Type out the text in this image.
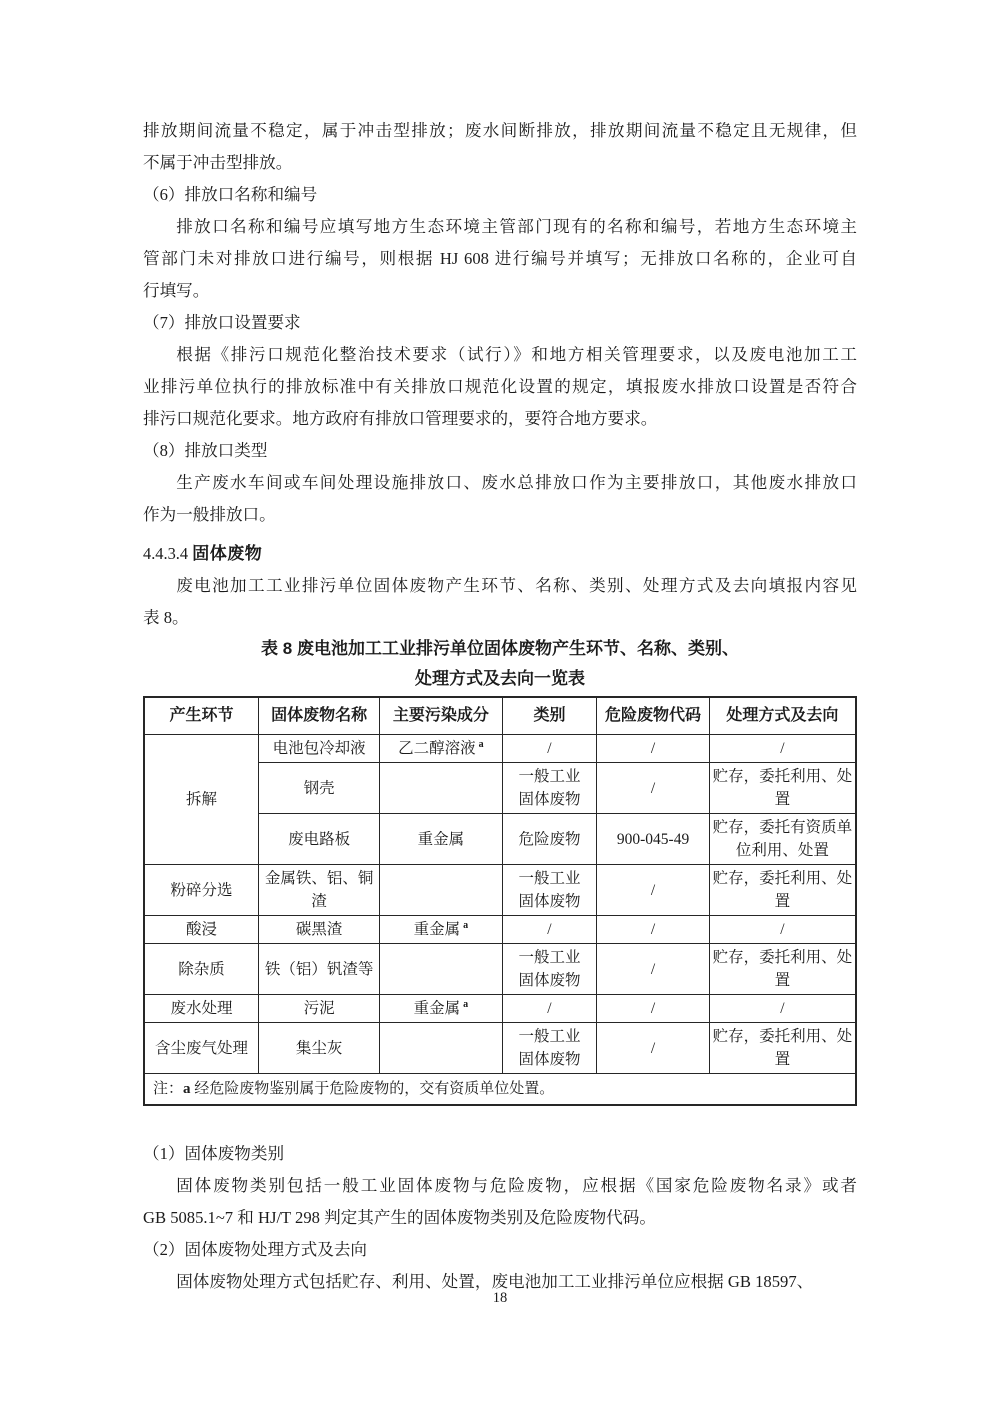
排放期间流量不稳定，属于冲击型排放；废水间断排放，排放期间流量不稳定且无规律，但
不属于冲击型排放。
（6）排放口名称和编号
排放口名称和编号应填写地方生态环境主管部门现有的名称和编号，若地方生态环境主
管部门未对排放口进行编号，则根据 HJ 608 进行编号并填写；无排放口名称的，企业可自
行填写。
（7）排放口设置要求
根据《排污口规范化整治技术要求（试行）》和地方相关管理要求，以及废电池加工工
业排污单位执行的排放标准中有关排放口规范化设置的规定，填报废水排放口设置是否符合
排污口规范化要求。地方政府有排放口管理要求的，要符合地方要求。
（8）排放口类型
生产废水车间或车间处理设施排放口、废水总排放口作为主要排放口，其他废水排放口
作为一般排放口。
4.4.3.4 固体废物
废电池加工工业排污单位固体废物产生环节、名称、类别、处理方式及去向填报内容见
表 8。
表 8 废电池加工工业排污单位固体废物产生环节、名称、类别、
处理方式及去向一览表
产生环节	固体废物名称	主要污染成分	类别	危险废物代码	处理方式及去向
拆解	电池包冷却液	乙二醇溶液 $^a$	/	/	/
	钢壳		一般工业固体废物	/	贮存，委托利用、处置
	废电路板	重金属	危险废物	900-045-49	贮存，委托有资质单位利用、处置
粉碎分选	金属铁、铝、铜渣		一般工业固体废物	/	贮存，委托利用、处置
酸浸	碳黑渣	重金属 $^a$	/	/	/
除杂质	铁（铝）钒渣等		一般工业固体废物	/	贮存，委托利用、处置
废水处理	污泥	重金属 $^a$	/	/	/
含尘废气处理	集尘灰		一般工业固体废物	/	贮存，委托利用、处置
注：a 经危险废物鉴别属于危险废物的，交有资质单位处置。					
（1）固体废物类别
固体废物类别包括一般工业固体废物与危险废物，应根据《国家危险废物名录》或者
GB 5085.1~7 和 HJ/T 298 判定其产生的固体废物类别及危险废物代码。
（2）固体废物处理方式及去向
固体废物处理方式包括贮存、利用、处置，废电池加工工业排污单位应根据 GB 18597、
18
